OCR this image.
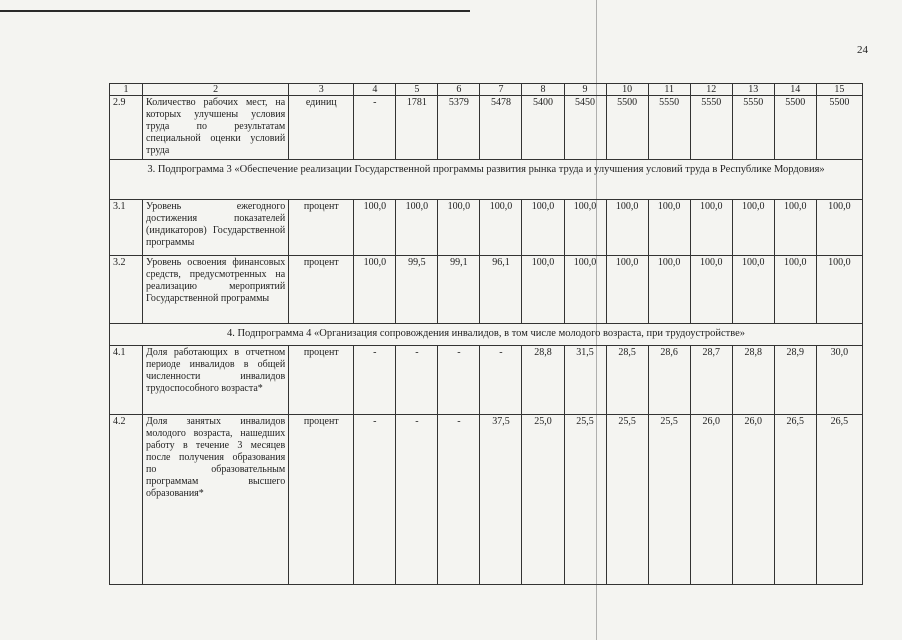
24
1	2	3	4	5	6	7	8	9	10	11	12	13	14	15
2.9	Количество рабочих мест, на которых улучшены условия труда по результатам специальной оценки условий труда	единиц	-	1781	5379	5478	5400	5450	5500	5550	5550	5550	5500	5500
3. Подпрограмма 3 «Обеспечение реализации Государственной программы развития рынка труда и улучшения условий труда в Республике Мордовия»														
3.1	Уровень ежегодного достижения показателей (индикаторов) Государственной программы	процент	100,0	100,0	100,0	100,0	100,0	100,0	100,0	100,0	100,0	100,0	100,0	100,0
3.2	Уровень освоения финансовых средств, предусмотренных на реализацию мероприятий Государственной программы	процент	100,0	99,5	99,1	96,1	100,0	100,0	100,0	100,0	100,0	100,0	100,0	100,0
4. Подпрограмма 4 «Организация сопровождения инвалидов, в том числе молодого возраста, при трудоустройстве»														
4.1	Доля работающих в отчетном периоде инвалидов в общей численности инвалидов трудоспособного возраста*	процент	-	-	-	-	28,8	31,5	28,5	28,6	28,7	28,8	28,9	30,0
4.2	Доля занятых инвалидов молодого возраста, нашедших работу в течение 3 месяцев после получения образования по образовательным программам высшего образования*	процент	-	-	-	37,5	25,0	25,5	25,5	25,5	26,0	26,0	26,5	26,5
